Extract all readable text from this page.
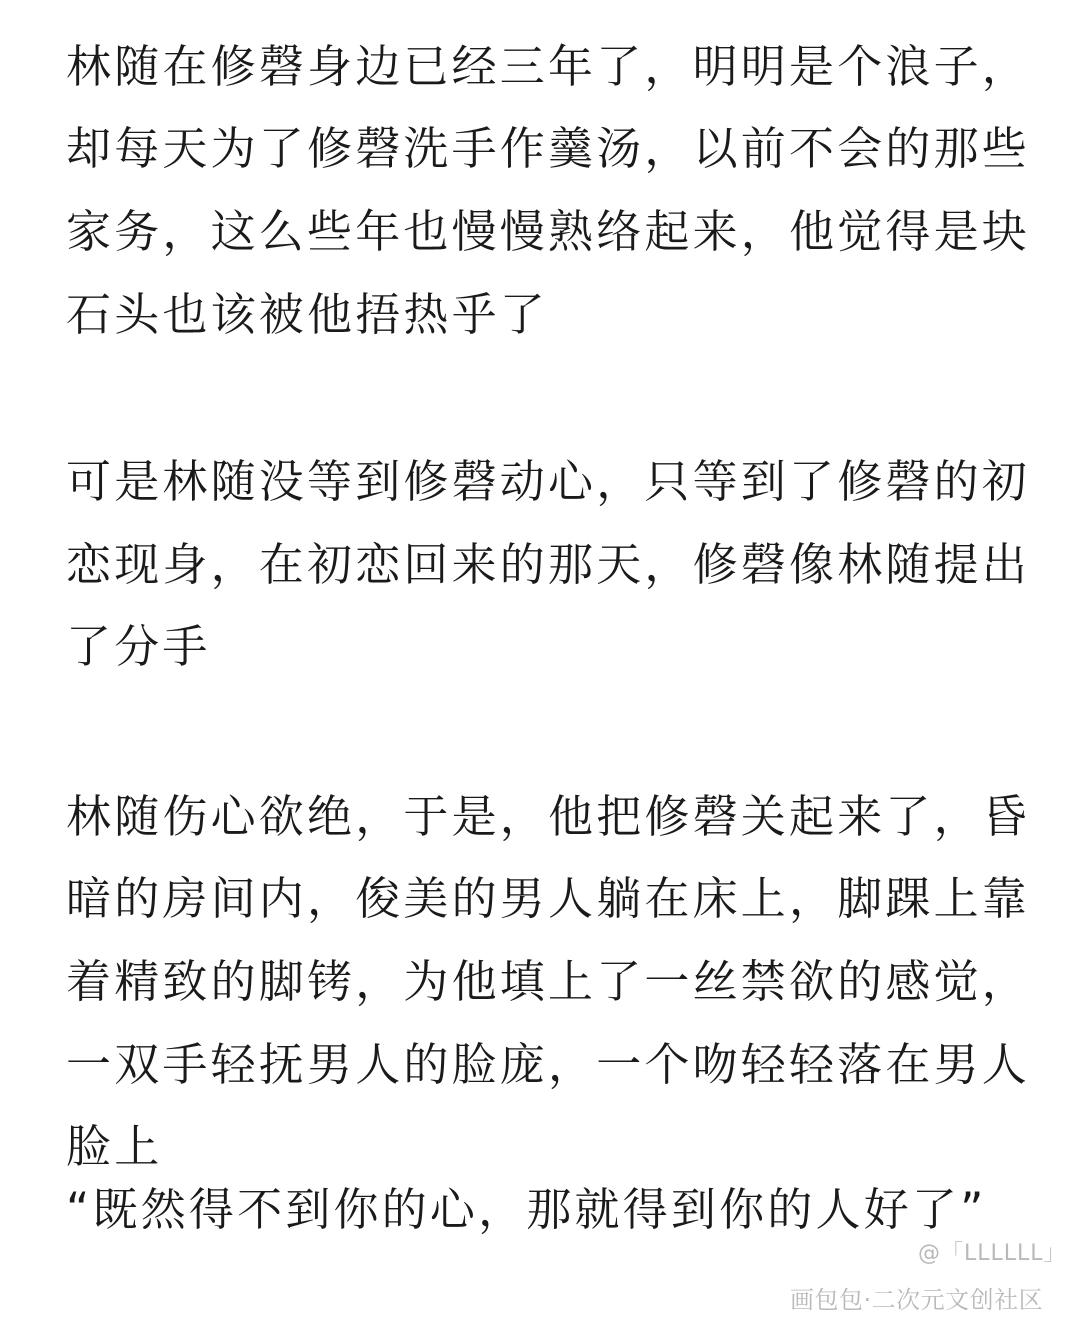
林随在修磬身边已经三年了，明明是个浪子，
却每天为了修磬洗手作羹汤，以前不会的那些
家务，这么些年也慢慢熟络起来，他觉得是块
石头也该被他捂热乎了
可是林随没等到修磬动心，只等到了修磬的初
恋现身，在初恋回来的那天，修磬像林随提出
了分手
林随伤心欲绝，于是，他把修磬关起来了，昏
暗的房间内，俊美的男人躺在床上，脚踝上靠
着精致的脚铐，为他填上了一丝禁欲的感觉，
一双手轻抚男人的脸庞，一个吻轻轻落在男人
脸上
“既然得不到你的心，那就得到你的人好了”
@「LLLLLL」
画包包·二次元文创社区
